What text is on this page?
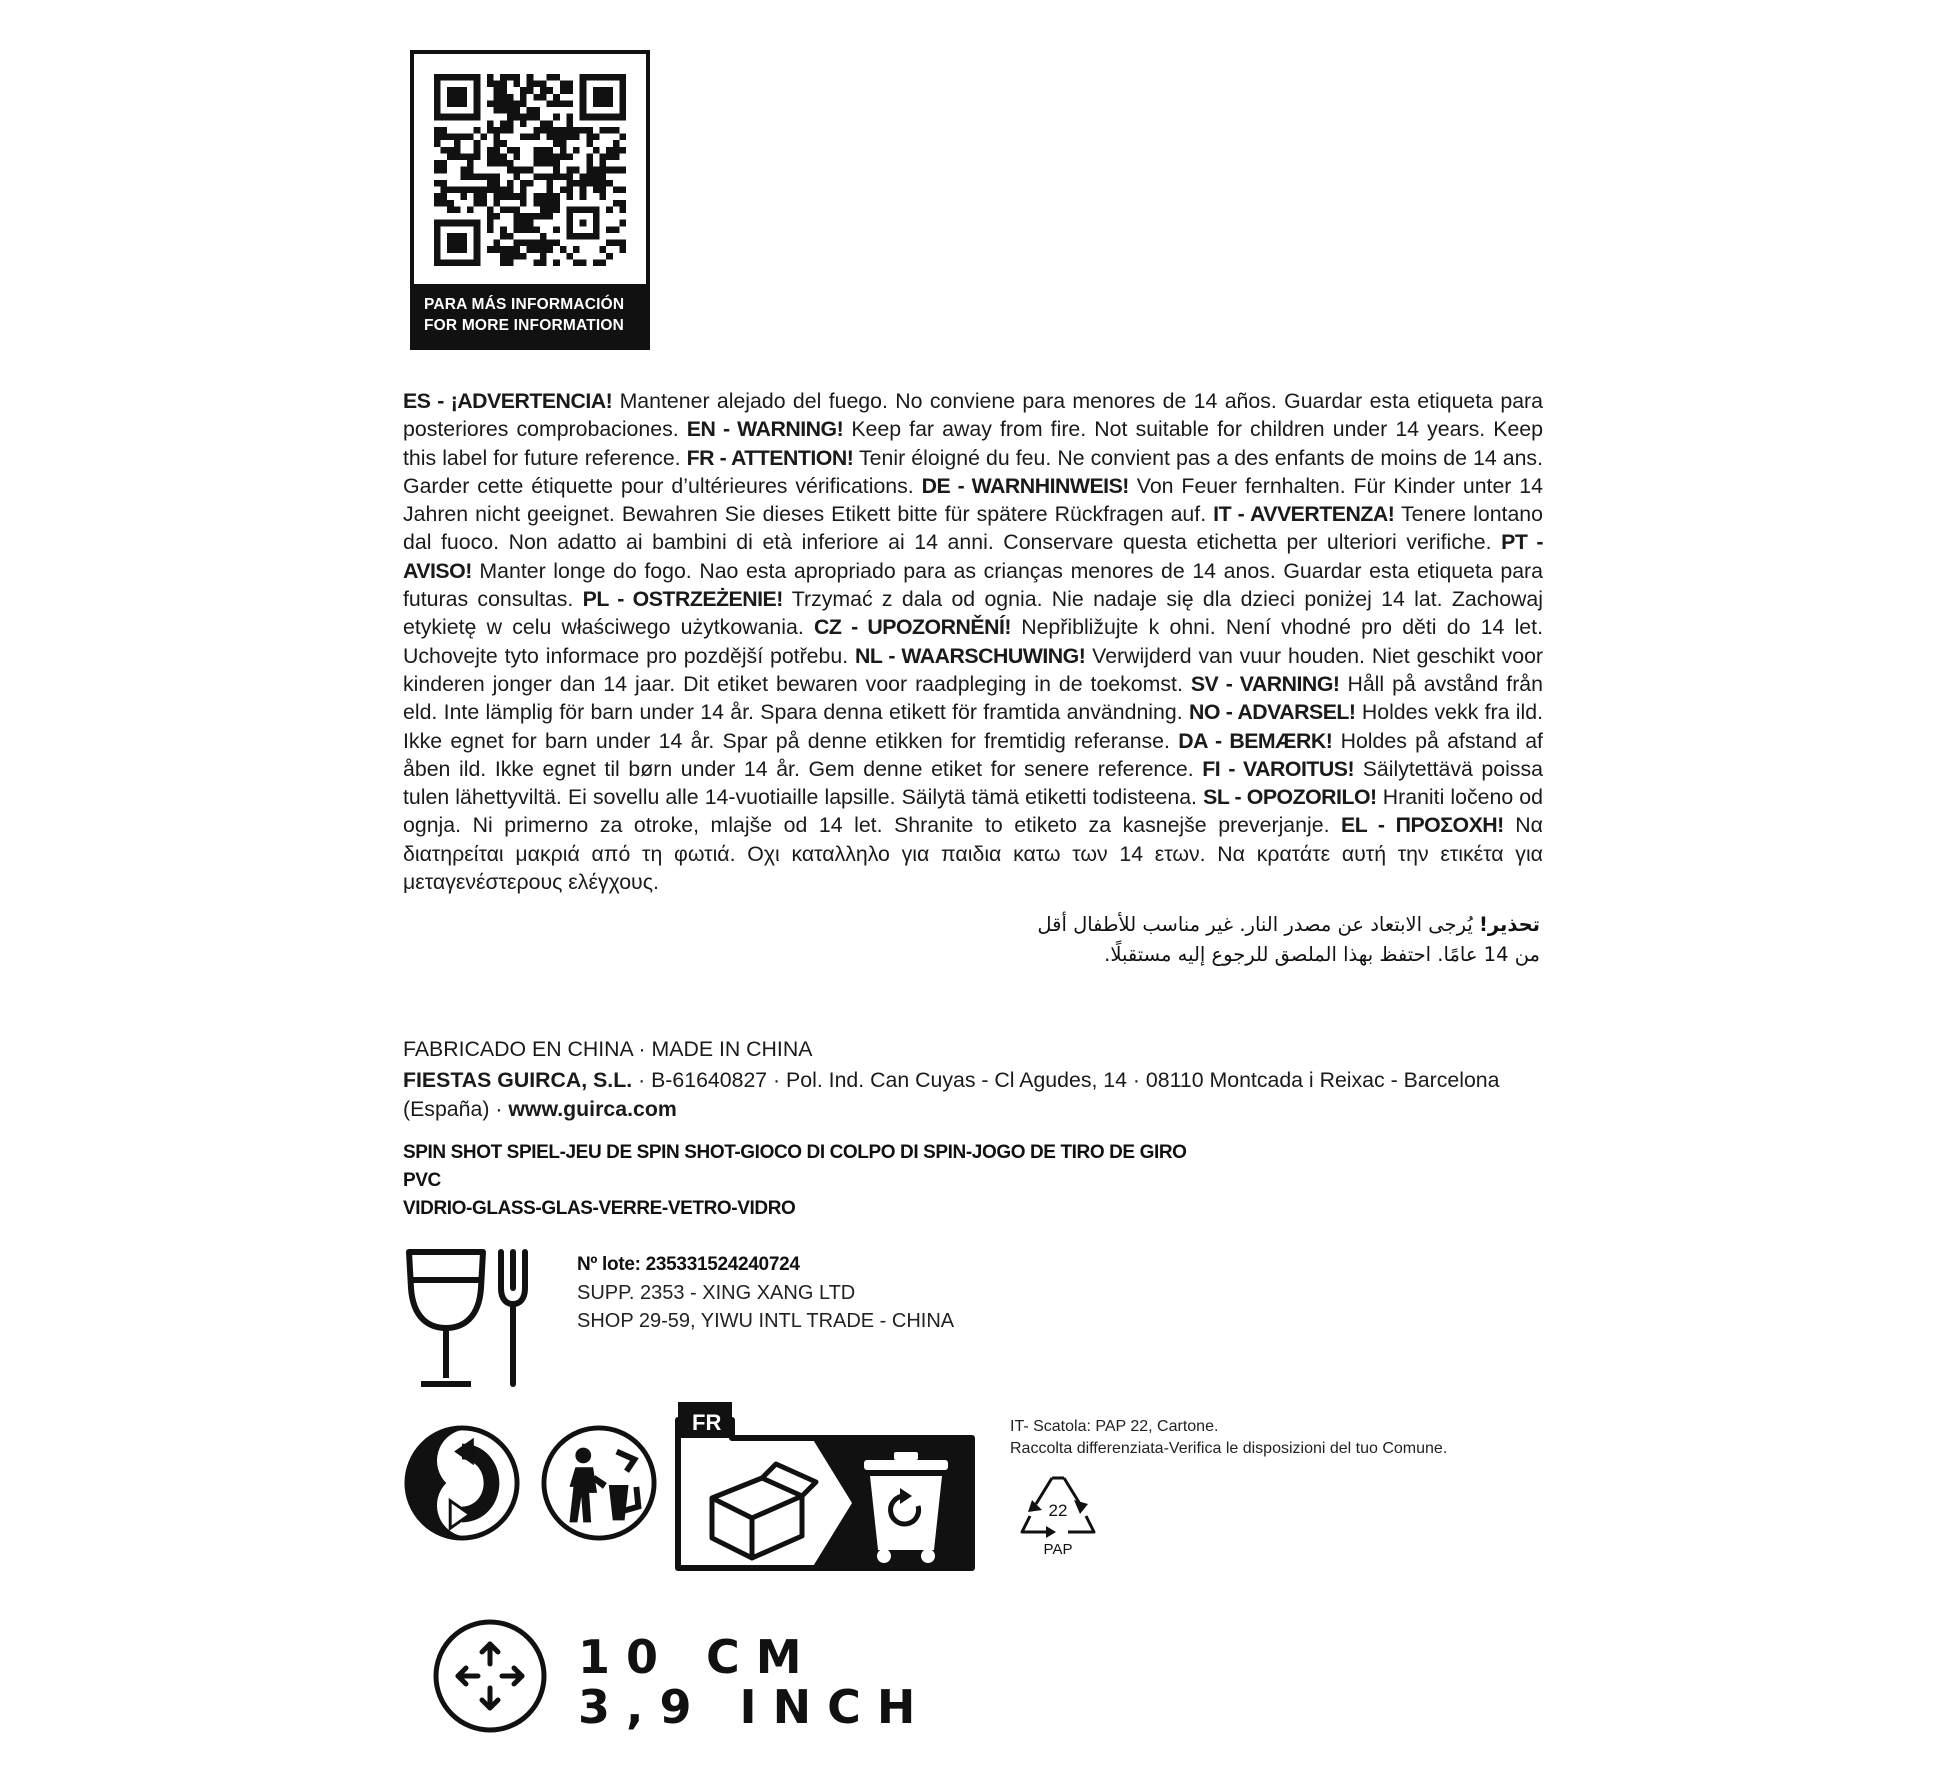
PARA MÁS INFORMACIÓN
FOR MORE INFORMATION
ES - ¡ADVERTENCIA! Mantener alejado del fuego. No conviene para menores de 14 años. Guardar esta etiqueta para posteriores comprobaciones. EN - WARNING! Keep far away from fire. Not suitable for children under 14 years. Keep this label for future reference. FR - ATTENTION! Tenir éloigné du feu. Ne convient pas a des enfants de moins de 14 ans. Garder cette étiquette pour d’ultérieures vérifications. DE - WARNHINWEIS! Von Feuer fernhalten. Für Kinder unter 14 Jahren nicht geeignet. Bewahren Sie dieses Etikett bitte für spätere Rückfragen auf. IT - AVVERTENZA! Tenere lontano dal fuoco. Non adatto ai bambini di età inferiore ai 14 anni. Conservare questa etichetta per ulteriori verifiche. PT - AVISO! Manter longe do fogo. Nao esta apropriado para as crianças menores de 14 anos. Guardar esta etiqueta para futuras consultas. PL - OSTRZEŻENIE! Trzymać z dala od ognia. Nie nadaje się dla dzieci poniżej 14 lat. Zachowaj etykietę w celu właściwego użytkowania. CZ - UPOZORNĚNÍ! Nepřibližujte k ohni. Není vhodné pro děti do 14 let. Uchovejte tyto informace pro pozdější potřebu. NL - WAARSCHUWING! Verwijderd van vuur houden. Niet geschikt voor kinderen jonger dan 14 jaar. Dit etiket bewaren voor raadpleging in de toekomst. SV - VARNING! Håll på avstånd från eld. Inte lämplig för barn under 14 år. Spara denna etikett för framtida användning. NO - ADVARSEL! Holdes vekk fra ild. Ikke egnet for barn under 14 år. Spar på denne etikken for fremtidig referanse. DA - BEMÆRK! Holdes på afstand af åben ild. Ikke egnet til børn under 14 år. Gem denne etiket for senere reference. FI - VAROITUS! Säilytettävä poissa tulen lähettyviltä. Ei sovellu alle 14-vuotiaille lapsille. Säilytä tämä etiketti todisteena. SL - OPOZORILO! Hraniti ločeno od ognja. Ni primerno za otroke, mlajše od 14 let. Shranite to etiketo za kasnejše preverjanje. EL - ΠΡΟΣΟΧΗ! Να διατηρείται μακριά από τη φωτιά. Οχι καταλληλο για παιδια κατω των 14 ετων. Να κρατάτε αυτή την ετικέτα για μεταγενέστερους ελέγχους.
تحذير! يُرجى الابتعاد عن مصدر النار. غير مناسب للأطفال أقل
من 14 عامًا. احتفظ بهذا الملصق للرجوع إليه مستقبلًا.
FABRICADO EN CHINA · MADE IN CHINA
FIESTAS GUIRCA, S.L. · B-61640827 · Pol. Ind. Can Cuyas - Cl Agudes, 14 · 08110 Montcada i Reixac - Barcelona (España) · www.guirca.com
SPIN SHOT SPIEL-JEU DE SPIN SHOT-GIOCO DI COLPO DI SPIN-JOGO DE TIRO DE GIRO
PVC
VIDRIO-GLASS-GLAS-VERRE-VETRO-VIDRO
Nº lote: 235331524240724
SUPP. 2353 - XING XANG LTD
SHOP 29-59, YIWU INTL TRADE - CHINA
FR	IT- Scatola: PAP 22, Cartone.
Raccolta differenziata-Verifica le disposizioni del tuo Comune.
22
PAP
10 CM
3,9 INCH
